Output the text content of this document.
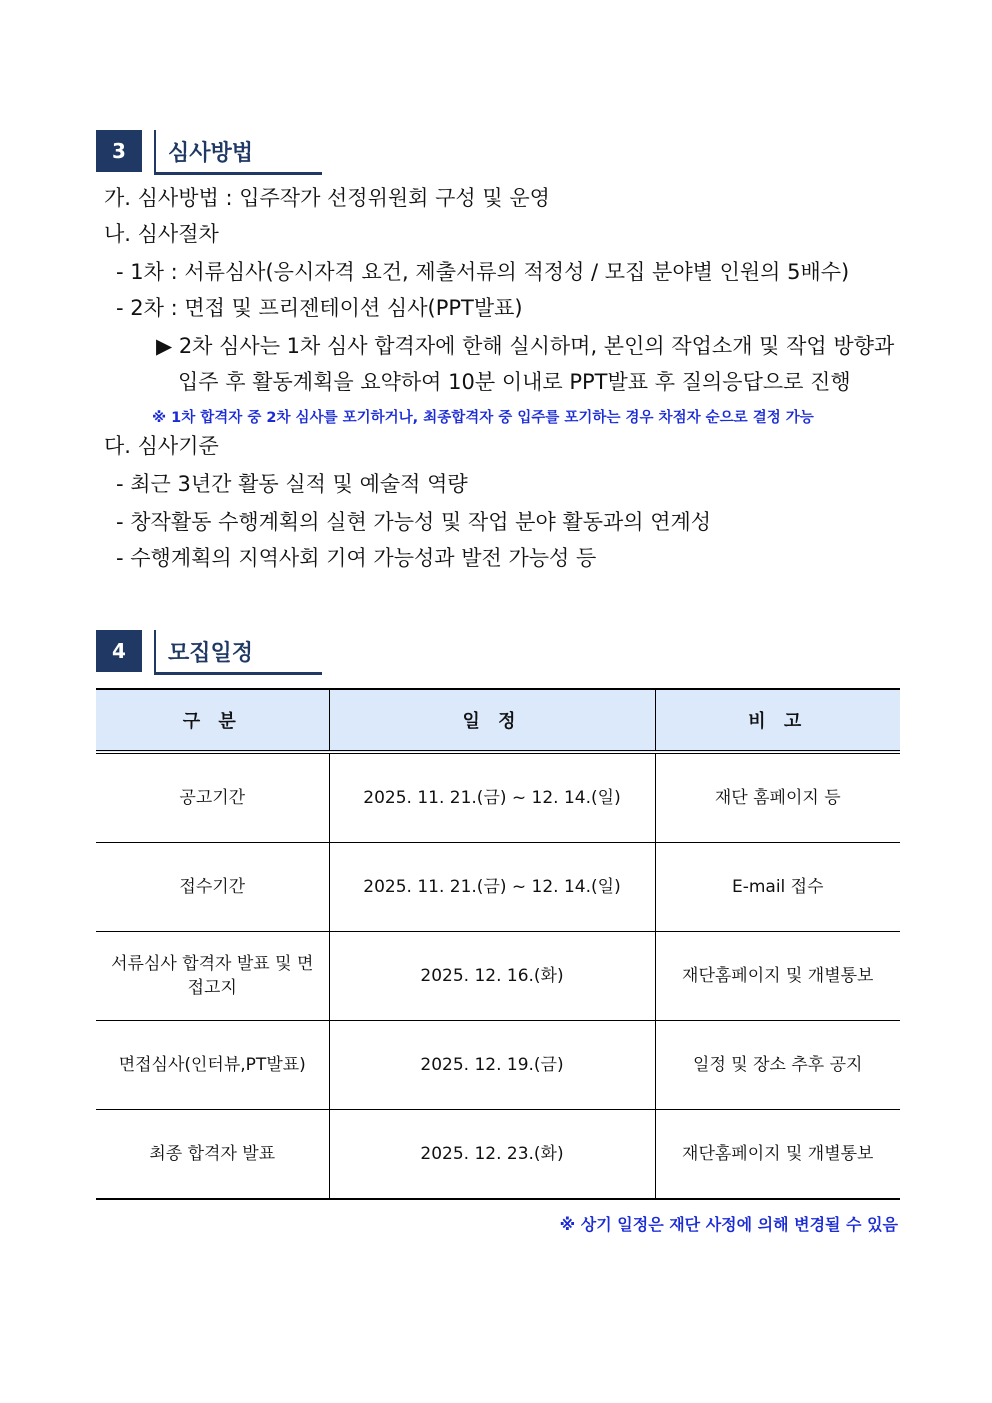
3	심사방법
가. 심사방법 : 입주작가 선정위원회 구성 및 운영
나. 심사절차
- 1차 : 서류심사(응시자격 요건, 제출서류의 적정성 / 모집 분야별 인원의 5배수)
- 2차 : 면접 및 프리젠테이션 심사(PPT발표)
▶ 2차 심사는 1차 심사 합격자에 한해 실시하며, 본인의 작업소개 및 작업 방향과
입주 후 활동계획을 요약하여 10분 이내로 PPT발표 후 질의응답으로 진행
※ 1차 합격자 중 2차 심사를 포기하거나, 최종합격자 중 입주를 포기하는 경우 차점자 순으로 결정 가능
다. 심사기준
- 최근 3년간 활동 실적 및 예술적 역량
- 창작활동 수행계획의 실현 가능성 및 작업 분야 활동과의 연계성
- 수행계획의 지역사회 기여 가능성과 발전 가능성 등
4	모집일정
구 분	일 정	비 고
공고기간	2025. 11. 21.(금) ~ 12. 14.(일)	재단 홈페이지 등
접수기간	2025. 11. 21.(금) ~ 12. 14.(일)	E-mail 접수
서류심사 합격자 발표 및 면접고지	2025. 12. 16.(화)	재단홈페이지 및 개별통보
면접심사(인터뷰,PT발표)	2025. 12. 19.(금)	일정 및 장소 추후 공지
최종 합격자 발표	2025. 12. 23.(화)	재단홈페이지 및 개별통보
※ 상기 일정은 재단 사정에 의해 변경될 수 있음
